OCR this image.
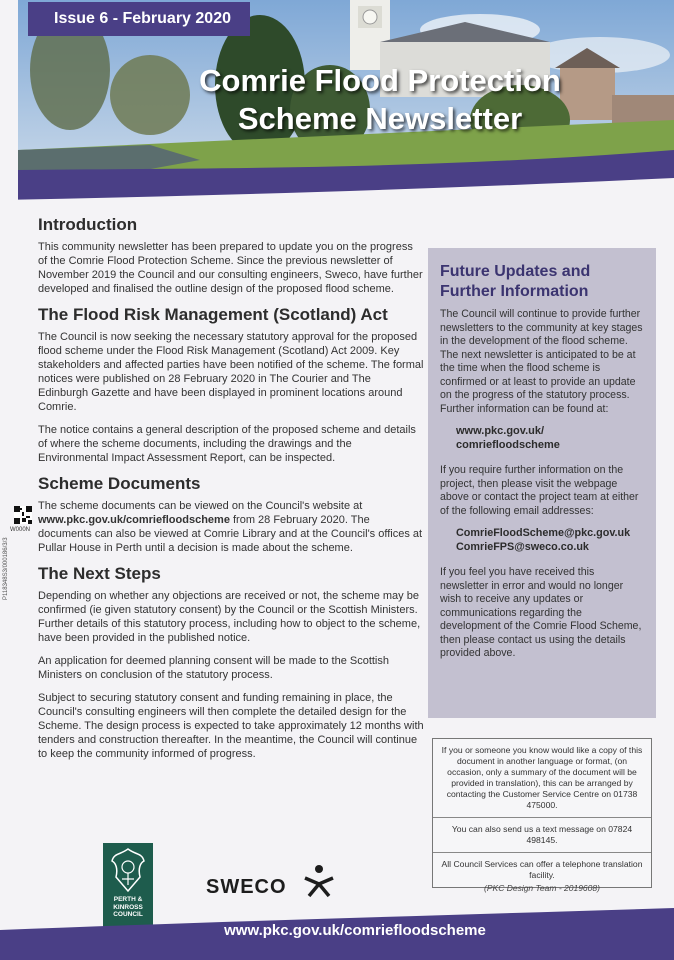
Issue 6 - February 2020
Comrie Flood Protection
Scheme Newsletter
Introduction

This community newsletter has been prepared to update you on the progress of the Comrie Flood Protection Scheme. Since the previous newsletter of November 2019 the Council and our consulting engineers, Sweco, have further developed and finalised the outline design of the proposed flood scheme.

The Flood Risk Management (Scotland) Act

The Council is now seeking the necessary statutory approval for the proposed flood scheme under the Flood Risk Management (Scotland) Act 2009. Key stakeholders and affected parties have been notified of the scheme. The formal notices were published on 28 February 2020 in The Courier and The Edinburgh Gazette and have been displayed in prominent locations around Comrie.

The notice contains a general description of the proposed scheme and details of where the scheme documents, including the drawings and the Environmental Impact Assessment Report, can be inspected.

Scheme Documents

The scheme documents can be viewed on the Council's website at www.pkc.gov.uk/comriefloodscheme from 28 February 2020. The documents can also be viewed at Comrie Library and at the Council's offices at Pullar House in Perth until a decision is made about the scheme.

The Next Steps

Depending on whether any objections are received or not, the scheme may be confirmed (ie given statutory consent) by the Council or the Scottish Ministers. Further details of this statutory process, including how to object to the scheme, have been provided in the published notice.

An application for deemed planning consent will be made to the Scottish Ministers on conclusion of the statutory process.

Subject to securing statutory consent and funding remaining in place, the Council's consulting engineers will then complete the detailed design for the Scheme. The design process is expected to take approximately 12 months with tenders and construction thereafter. In the meantime, the Council will continue to keep the community informed of progress.

W000N
P118348S3/000186/3/3
Future Updates and Further Information

The Council will continue to provide further newsletters to the community at key stages in the development of the flood scheme. The next newsletter is anticipated to be at the time when the flood scheme is confirmed or at least to provide an update on the progress of the statutory process. Further information can be found at:

www.pkc.gov.uk/
comriefloodscheme

If you require further information on the project, then please visit the webpage above or contact the project team at either of the following email addresses:

ComrieFloodScheme@pkc.gov.uk
ComrieFPS@sweco.co.uk

If you feel you have received this newsletter in error and would no longer wish to receive any updates or communications regarding the development of the Comrie Flood Scheme, then please contact us using the details provided above.

If you or someone you know would like a copy of this document in another language or format, (on occasion, only a summary of the document will be provided in translation), this can be arranged by contacting the Customer Service Centre on 01738 475000.
You can also send us a text message on 07824 498145.
All Council Services can offer a telephone translation facility.
(PKC Design Team - 2019608)
PERTH &
KINROSS
COUNCIL
SWECO
www.pkc.gov.uk/comriefloodscheme
